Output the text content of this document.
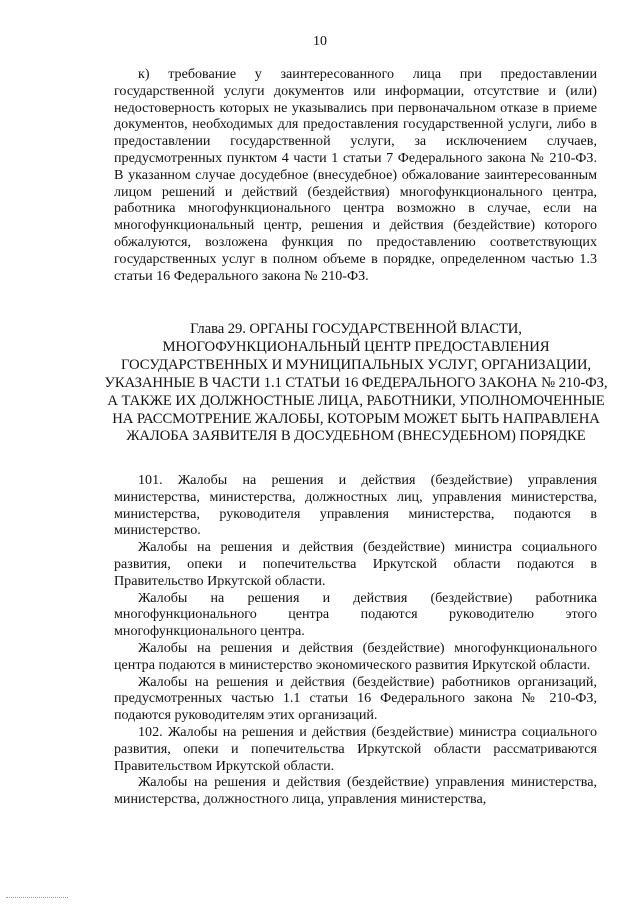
10

к) требование у заинтересованного лица при предоставлении государственной услуги документов или информации, отсутствие и (или) недостоверность которых не указывались при первоначальном отказе в приеме документов, необходимых для предоставления государственной услуги, либо в предоставлении государственной услуги, за исключением случаев, предусмотренных пунктом 4 части 1 статьи 7 Федерального закона № 210-ФЗ. В указанном случае досудебное (внесудебное) обжалование заинтересованным лицом решений и действий (бездействия) многофункционального центра, работника многофункционального центра возможно в случае, если на многофункциональный центр, решения и действия (бездействие) которого обжалуются, возложена функция по предоставлению соответствующих государственных услуг в полном объеме в порядке, определенном частью 1.3 статьи 16 Федерального закона № 210-ФЗ.

Глава 29. ОРГАНЫ ГОСУДАРСТВЕННОЙ ВЛАСТИ, МНОГОФУНКЦИОНАЛЬНЫЙ ЦЕНТР ПРЕДОСТАВЛЕНИЯ ГОСУДАРСТВЕННЫХ И МУНИЦИПАЛЬНЫХ УСЛУГ, ОРГАНИЗАЦИИ, УКАЗАННЫЕ В ЧАСТИ 1.1 СТАТЬИ 16 ФЕДЕРАЛЬНОГО ЗАКОНА № 210-ФЗ, А ТАКЖЕ ИХ ДОЛЖНОСТНЫЕ ЛИЦА, РАБОТНИКИ, УПОЛНОМОЧЕННЫЕ НА РАССМОТРЕНИЕ ЖАЛОБЫ, КОТОРЫМ МОЖЕТ БЫТЬ НАПРАВЛЕНА ЖАЛОБА ЗАЯВИТЕЛЯ В ДОСУДЕБНОМ (ВНЕСУДЕБНОМ) ПОРЯДКЕ

101. Жалобы на решения и действия (бездействие) управления министерства, министерства, должностных лиц, управления министерства, министерства, руководителя управления министерства, подаются в министерство.

Жалобы на решения и действия (бездействие) министра социального развития, опеки и попечительства Иркутской области подаются в Правительство Иркутской области.

Жалобы на решения и действия (бездействие) работника многофункционального центра подаются руководителю этого многофункционального центра.

Жалобы на решения и действия (бездействие) многофункционального центра подаются в министерство экономического развития Иркутской области.

Жалобы на решения и действия (бездействие) работников организаций, предусмотренных частью 1.1 статьи 16 Федерального закона № 210-ФЗ, подаются руководителям этих организаций.

102. Жалобы на решения и действия (бездействие) министра социального развития, опеки и попечительства Иркутской области рассматриваются Правительством Иркутской области.

Жалобы на решения и действия (бездействие) управления министерства, министерства, должностного лица, управления министерства,
